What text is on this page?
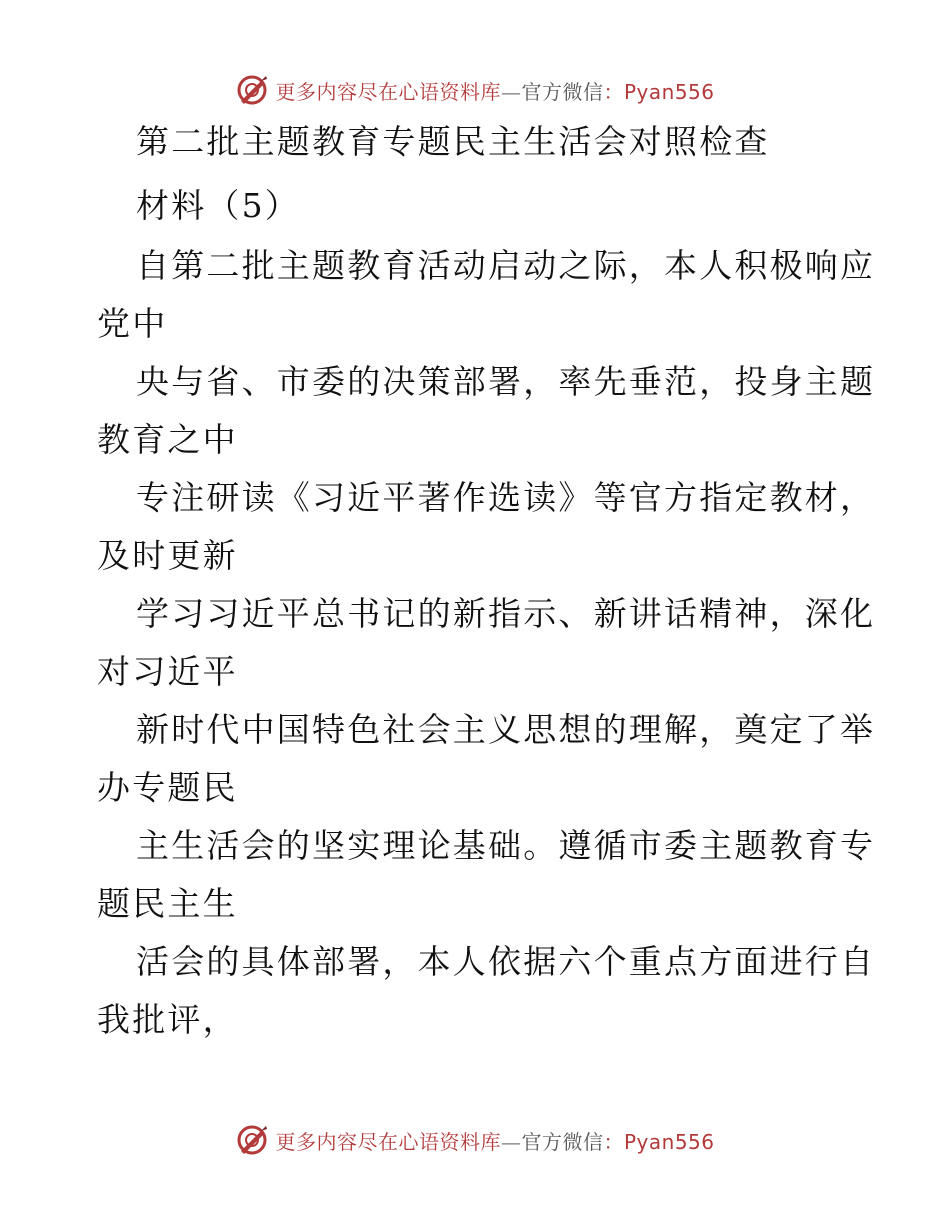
更多内容尽在心语资料库—官方微信：Pyan556
第二批主题教育专题民主生活会对照检查
材料（5）
自第二批主题教育活动启动之际，本人积极响应
党中
央与省、市委的决策部署，率先垂范，投身主题
教育之中
专注研读《习近平著作选读》等官方指定教材，
及时更新
学习习近平总书记的新指示、新讲话精神，深化
对习近平
新时代中国特色社会主义思想的理解，奠定了举
办专题民
主生活会的坚实理论基础。遵循市委主题教育专
题民主生
活会的具体部署，本人依据六个重点方面进行自
我批评，
更多内容尽在心语资料库—官方微信：Pyan556
